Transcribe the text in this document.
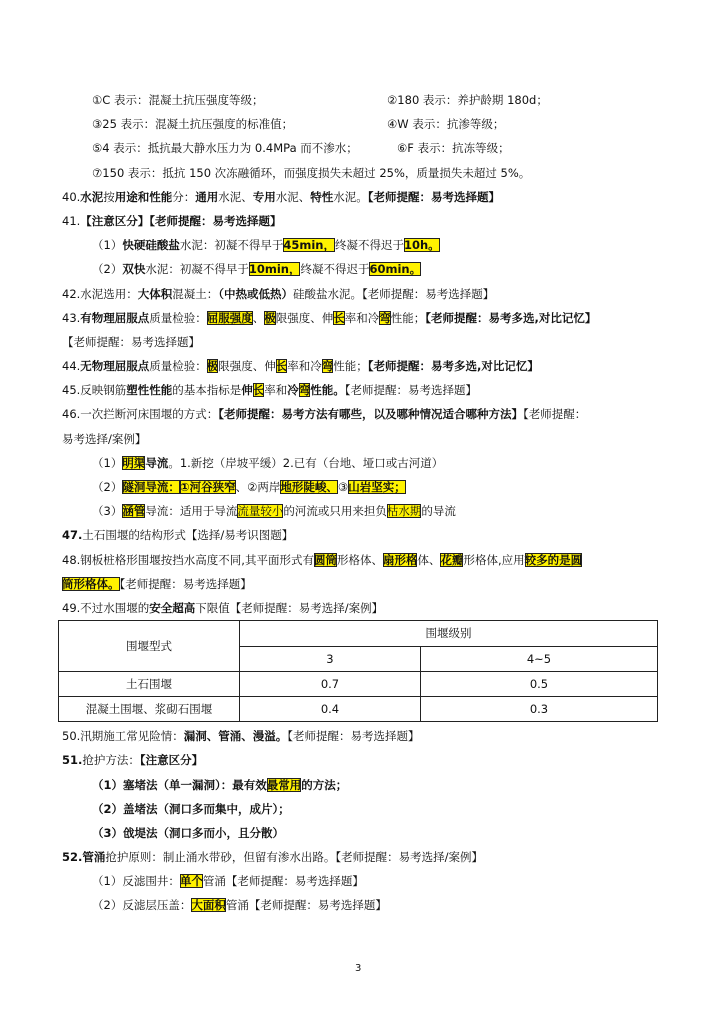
①C 表示：混凝土抗压强度等级；	②180 表示：养护龄期 180d；
③25 表示：混凝土抗压强度的标准值；	④W 表示：抗渗等级；
⑤4 表示：抵抗最大静水压力为 0.4MPa 而不渗水；	⑥F 表示：抗冻等级；
⑦150 表示：抵抗 150 次冻融循环，而强度损失未超过 25%，质量损失未超过 5%。
40.水泥按用途和性能分：通用水泥、专用水泥、特性水泥。【老师提醒：易考选择题】
41.【注意区分】【老师提醒：易考选择题】
（1）快硬硅酸盐水泥：初凝不得早于45min，终凝不得迟于10h。
（2）双快水泥：初凝不得早于10min，终凝不得迟于60min。
42.水泥选用：大体积混凝土：（中热或低热）硅酸盐水泥。【老师提醒：易考选择题】
43.有物理屈服点质量检验：屈服强度、极限强度、伸长率和冷弯性能；【老师提醒：易考多选,对比记忆】
【老师提醒：易考选择题】
44.无物理屈服点质量检验：极限强度、伸长率和冷弯性能；【老师提醒：易考多选,对比记忆】
45.反映钢筋塑性性能的基本指标是伸长率和冷弯性能。【老师提醒：易考选择题】
46.一次拦断河床围堰的方式：【老师提醒：易考方法有哪些，以及哪种情况适合哪种方法】【老师提醒：
易考选择/案例】
（1）明渠导流。1.新挖（岸坡平缓）2.已有（台地、垭口或古河道）
（2）隧洞导流：①河谷狭窄、②两岸地形陡峻、③山岩坚实；
（3）涵管导流：适用于导流流量较小的河流或只用来担负枯水期的导流
47.土石围堰的结构形式【选择/易考识图题】
48.钢板桩格形围堰按挡水高度不同,其平面形式有圆筒形格体、扇形格体、花瓣形格体,应用较多的是圆
筒形格体。【老师提醒：易考选择题】
49.不过水围堰的安全超高下限值【老师提醒：易考选择/案例】
围堰型式	围堰级别	
	3	4~5
土石围堰	0.7	0.5
混凝土围堰、浆砌石围堰	0.4	0.3
50.汛期施工常见险情：漏洞、管涌、漫溢。【老师提醒：易考选择题】
51.抢护方法：【注意区分】
（1）塞堵法（单一漏洞）：最有效最常用的方法；
（2）盖堵法（洞口多而集中，成片）；
（3）戗堤法（洞口多而小，且分散）
52.管涌抢护原则：制止涌水带砂，但留有渗水出路。【老师提醒：易考选择/案例】
（1）反滤围井：单个管涌【老师提醒：易考选择题】
（2）反滤层压盖：大面积管涌【老师提醒：易考选择题】
3
